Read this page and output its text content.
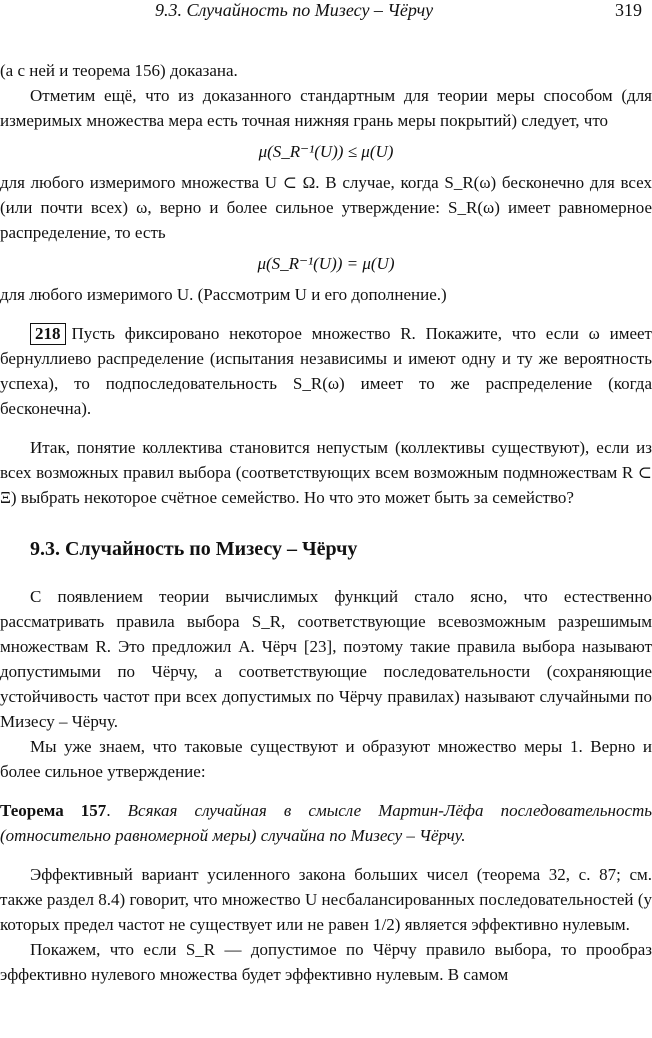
9.3. Случайность по Мизесу – Чёрчу	319

(а с ней и теорема 156) доказана.

Отметим ещё, что из доказанного стандартным для теории меры способом (для измеримых множества мера есть точная нижняя грань меры покрытий) следует, что

μ(S_R⁻¹(U)) ≤ μ(U)

для любого измеримого множества U ⊂ Ω. В случае, когда S_R(ω) бесконечно для всех (или почти всех) ω, верно и более сильное утверждение: S_R(ω) имеет равномерное распределение, то есть

μ(S_R⁻¹(U)) = μ(U)

для любого измеримого U. (Рассмотрим U и его дополнение.)

218 Пусть фиксировано некоторое множество R. Покажите, что если ω имеет бернуллиево распределение (испытания независимы и имеют одну и ту же вероятность успеха), то подпоследовательность S_R(ω) имеет то же распределение (когда бесконечна).

Итак, понятие коллектива становится непустым (коллективы существуют), если из всех возможных правил выбора (соответствующих всем возможным подмножествам R ⊂ Ξ) выбрать некоторое счётное семейство. Но что это может быть за семейство?

9.3. Случайность по Мизесу – Чёрчу

С появлением теории вычислимых функций стало ясно, что естественно рассматривать правила выбора S_R, соответствующие всевозможным разрешимым множествам R. Это предложил А. Чёрч [23], поэтому такие правила выбора называют допустимыми по Чёрчу, а соответствующие последовательности (сохраняющие устойчивость частот при всех допустимых по Чёрчу правилах) называют случайными по Мизесу – Чёрчу.

Мы уже знаем, что таковые существуют и образуют множество меры 1. Верно и более сильное утверждение:

Теорема 157. Всякая случайная в смысле Мартин-Лёфа последовательность (относительно равномерной меры) случайна по Мизесу – Чёрчу.

Эффективный вариант усиленного закона больших чисел (теорема 32, с. 87; см. также раздел 8.4) говорит, что множество U несбалансированных последовательностей (у которых предел частот не существует или не равен 1/2) является эффективно нулевым.

Покажем, что если S_R — допустимое по Чёрчу правило выбора, то прообраз эффективно нулевого множества будет эффективно нулевым. В самом
